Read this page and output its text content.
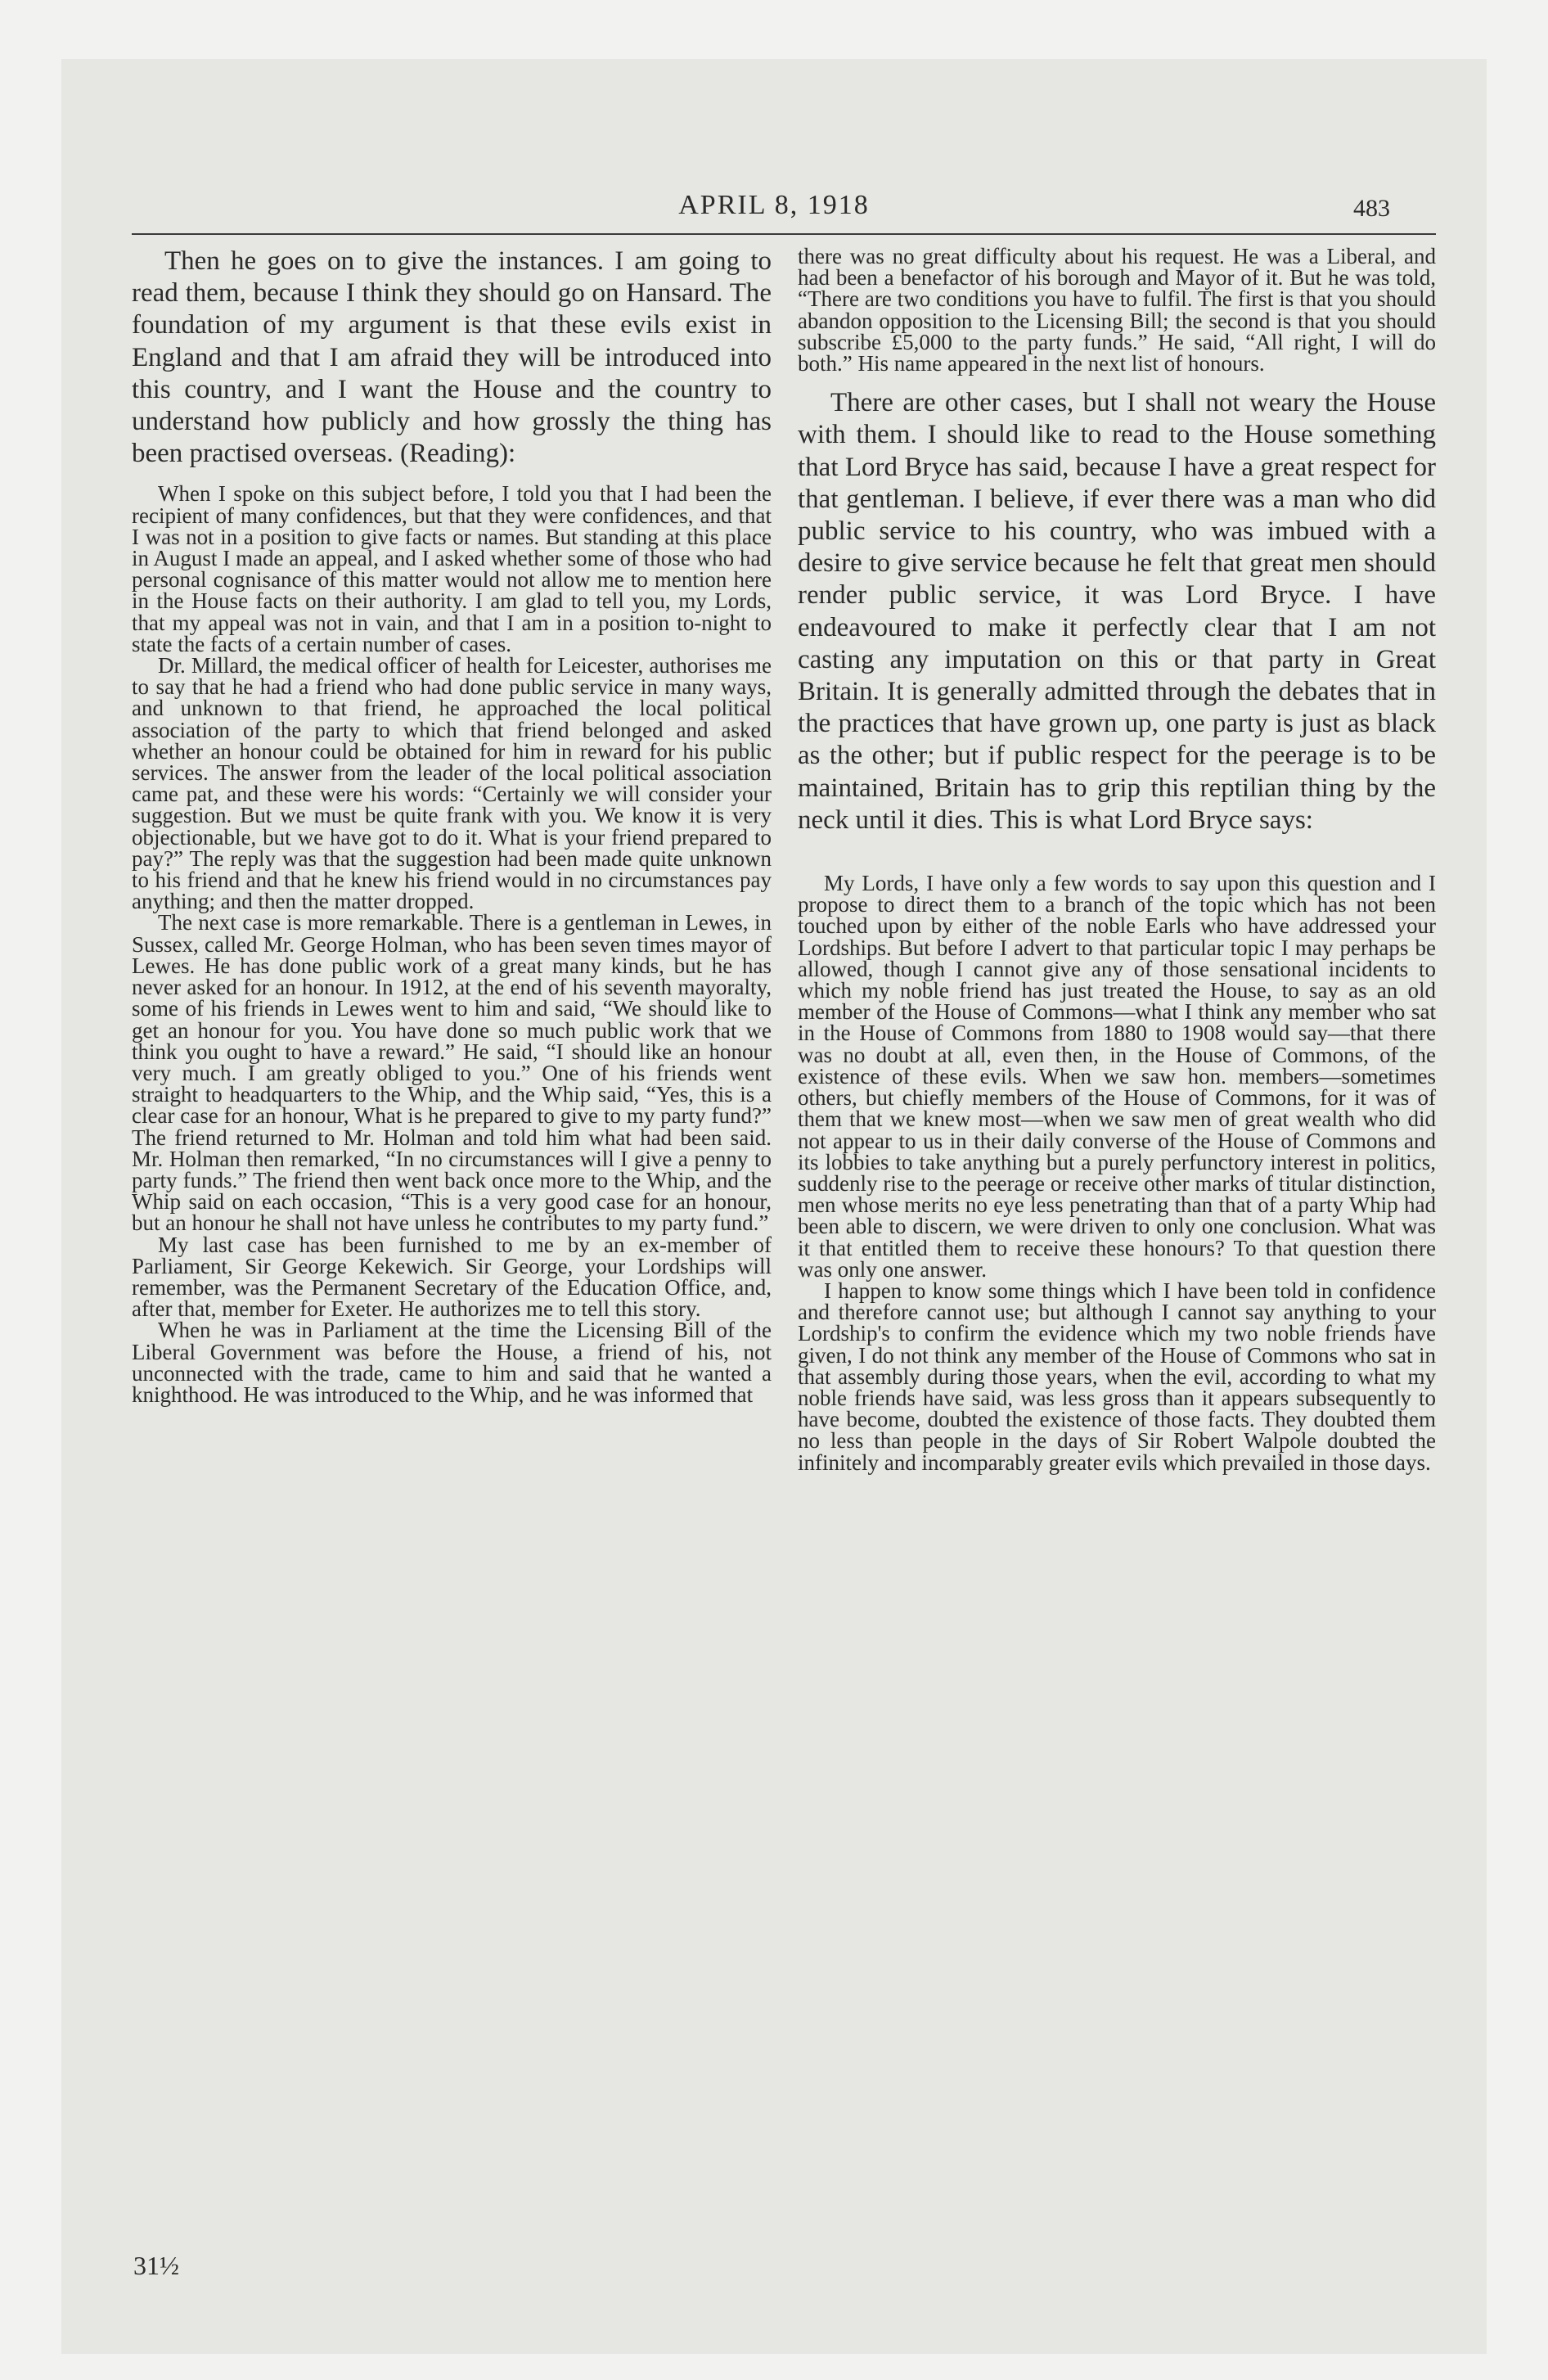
APRIL 8, 1918	483

Then he goes on to give the instances. I am going to read them, because I think they should go on Hansard. The foundation of my argument is that these evils exist in England and that I am afraid they will be introduced into this country, and I want the House and the country to understand how publicly and how grossly the thing has been practised overseas. (Reading):

When I spoke on this subject before, I told you that I had been the recipient of many confidences, but that they were confidences, and that I was not in a position to give facts or names. But standing at this place in August I made an appeal, and I asked whether some of those who had personal cognisance of this matter would not allow me to mention here in the House facts on their authority. I am glad to tell you, my Lords, that my appeal was not in vain, and that I am in a position to-night to state the facts of a certain number of cases.

Dr. Millard, the medical officer of health for Leicester, authorises me to say that he had a friend who had done public service in many ways, and unknown to that friend, he approached the local political association of the party to which that friend belonged and asked whether an honour could be obtained for him in reward for his public services. The answer from the leader of the local political association came pat, and these were his words: “Certainly we will consider your suggestion. But we must be quite frank with you. We know it is very objectionable, but we have got to do it. What is your friend prepared to pay?” The reply was that the suggestion had been made quite unknown to his friend and that he knew his friend would in no circumstances pay anything; and then the matter dropped.

The next case is more remarkable. There is a gentleman in Lewes, in Sussex, called Mr. George Holman, who has been seven times mayor of Lewes. He has done public work of a great many kinds, but he has never asked for an honour. In 1912, at the end of his seventh mayoralty, some of his friends in Lewes went to him and said, “We should like to get an honour for you. You have done so much public work that we think you ought to have a reward.” He said, “I should like an honour very much. I am greatly obliged to you.” One of his friends went straight to headquarters to the Whip, and the Whip said, “Yes, this is a clear case for an honour, What is he prepared to give to my party fund?” The friend returned to Mr. Holman and told him what had been said. Mr. Holman then remarked, “In no circumstances will I give a penny to party funds.” The friend then went back once more to the Whip, and the Whip said on each occasion, “This is a very good case for an honour, but an honour he shall not have unless he contributes to my party fund.”

My last case has been furnished to me by an ex-member of Parliament, Sir George Kekewich. Sir George, your Lordships will remember, was the Permanent Secretary of the Education Office, and, after that, member for Exeter. He authorizes me to tell this story.

When he was in Parliament at the time the Licensing Bill of the Liberal Government was before the House, a friend of his, not unconnected with the trade, came to him and said that he wanted a knighthood. He was introduced to the Whip, and he was informed that

there was no great difficulty about his request. He was a Liberal, and had been a benefactor of his borough and Mayor of it. But he was told, “There are two conditions you have to fulfil. The first is that you should abandon opposition to the Licensing Bill; the second is that you should subscribe £5,000 to the party funds.” He said, “All right, I will do both.” His name appeared in the next list of honours.

There are other cases, but I shall not weary the House with them. I should like to read to the House something that Lord Bryce has said, because I have a great respect for that gentleman. I believe, if ever there was a man who did public service to his country, who was imbued with a desire to give service because he felt that great men should render public service, it was Lord Bryce. I have endeavoured to make it perfectly clear that I am not casting any imputation on this or that party in Great Britain. It is generally admitted through the debates that in the practices that have grown up, one party is just as black as the other; but if public respect for the peerage is to be maintained, Britain has to grip this reptilian thing by the neck until it dies. This is what Lord Bryce says:

My Lords, I have only a few words to say upon this question and I propose to direct them to a branch of the topic which has not been touched upon by either of the noble Earls who have addressed your Lordships. But before I advert to that particular topic I may perhaps be allowed, though I cannot give any of those sensational incidents to which my noble friend has just treated the House, to say as an old member of the House of Commons—what I think any member who sat in the House of Commons from 1880 to 1908 would say—that there was no doubt at all, even then, in the House of Commons, of the existence of these evils. When we saw hon. members—sometimes others, but chiefly members of the House of Commons, for it was of them that we knew most—when we saw men of great wealth who did not appear to us in their daily converse of the House of Commons and its lobbies to take anything but a purely perfunctory interest in politics, suddenly rise to the peerage or receive other marks of titular distinction, men whose merits no eye less penetrating than that of a party Whip had been able to discern, we were driven to only one conclusion. What was it that entitled them to receive these honours? To that question there was only one answer.

I happen to know some things which I have been told in confidence and therefore cannot use; but although I cannot say anything to your Lordship's to confirm the evidence which my two noble friends have given, I do not think any member of the House of Commons who sat in that assembly during those years, when the evil, according to what my noble friends have said, was less gross than it appears subsequently to have become, doubted the existence of those facts. They doubted them no less than people in the days of Sir Robert Walpole doubted the infinitely and incomparably greater evils which prevailed in those days.

31½
